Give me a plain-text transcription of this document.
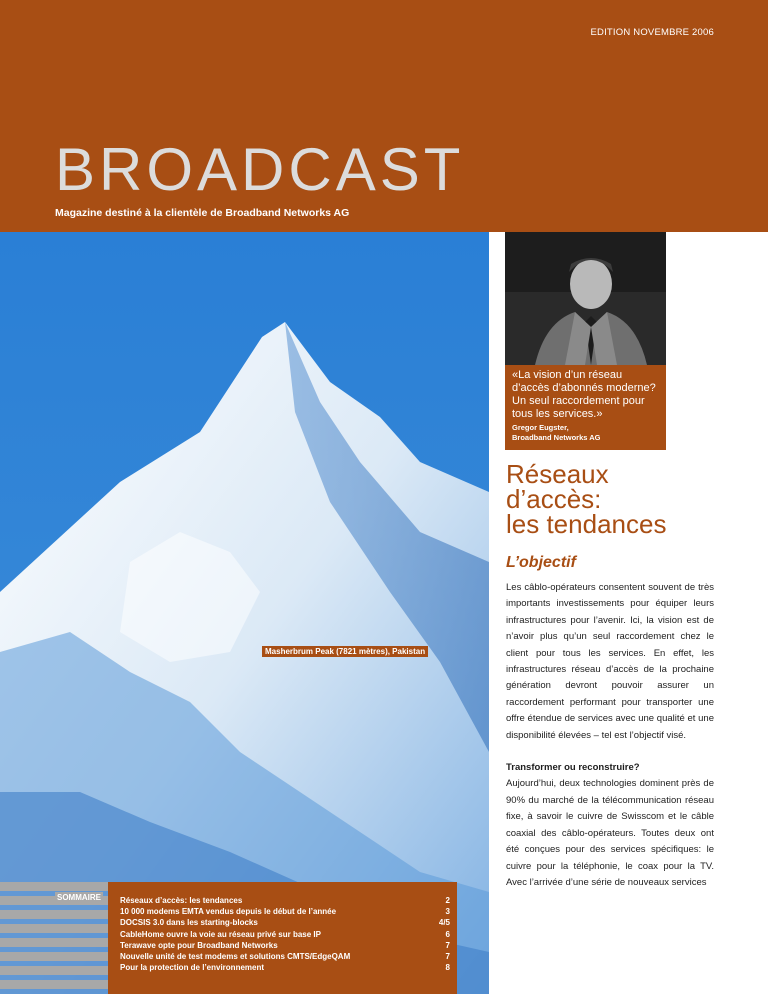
EDITION NOVEMBRE 2006
BROADCAST
Magazine destiné à la clientèle de Broadband Networks AG
Masherbrum Peak (7821 mètres), Pakistan
«La vision d’un réseau d’accès d’abonnés moderne? Un seul raccordement pour tous les services.»
Gregor Eugster,
Broadband Networks AG
Réseaux
d’accès:
les tendances
L’objectif

Les câblo-opérateurs consentent souvent de très importants investissements pour équiper leurs infrastructures pour l’avenir. Ici, la vision est de n’avoir plus qu’un seul raccordement chez le client pour tous les services. En effet, les infrastructures réseau d’accès de la prochaine génération devront pouvoir assurer un raccordement performant pour transporter une offre étendue de services avec une qualité et une disponibilité élevées – tel est l’objectif visé.

Transformer ou reconstruire?

Aujourd’hui, deux technologies dominent près de 90% du marché de la télécommunication réseau fixe, à savoir le cuivre de Swisscom et le câble coaxial des câblo-opérateurs. Toutes deux ont été conçues pour des services spécifiques: le cuivre pour la téléphonie, le coax pour la TV. Avec l’arrivée d’une série de nouveaux services

SOMMAIRE Réseaux d’accès: les tendances	2
10 000 modems EMTA vendus depuis le début de l’année	3
DOCSIS 3.0 dans les starting-blocks	4/5
CableHome ouvre la voie au réseau privé sur base IP	6
Terawave opte pour Broadband Networks	7
Nouvelle unité de test modems et solutions CMTS/EdgeQAM	7
Pour la protection de l’environnement	8
